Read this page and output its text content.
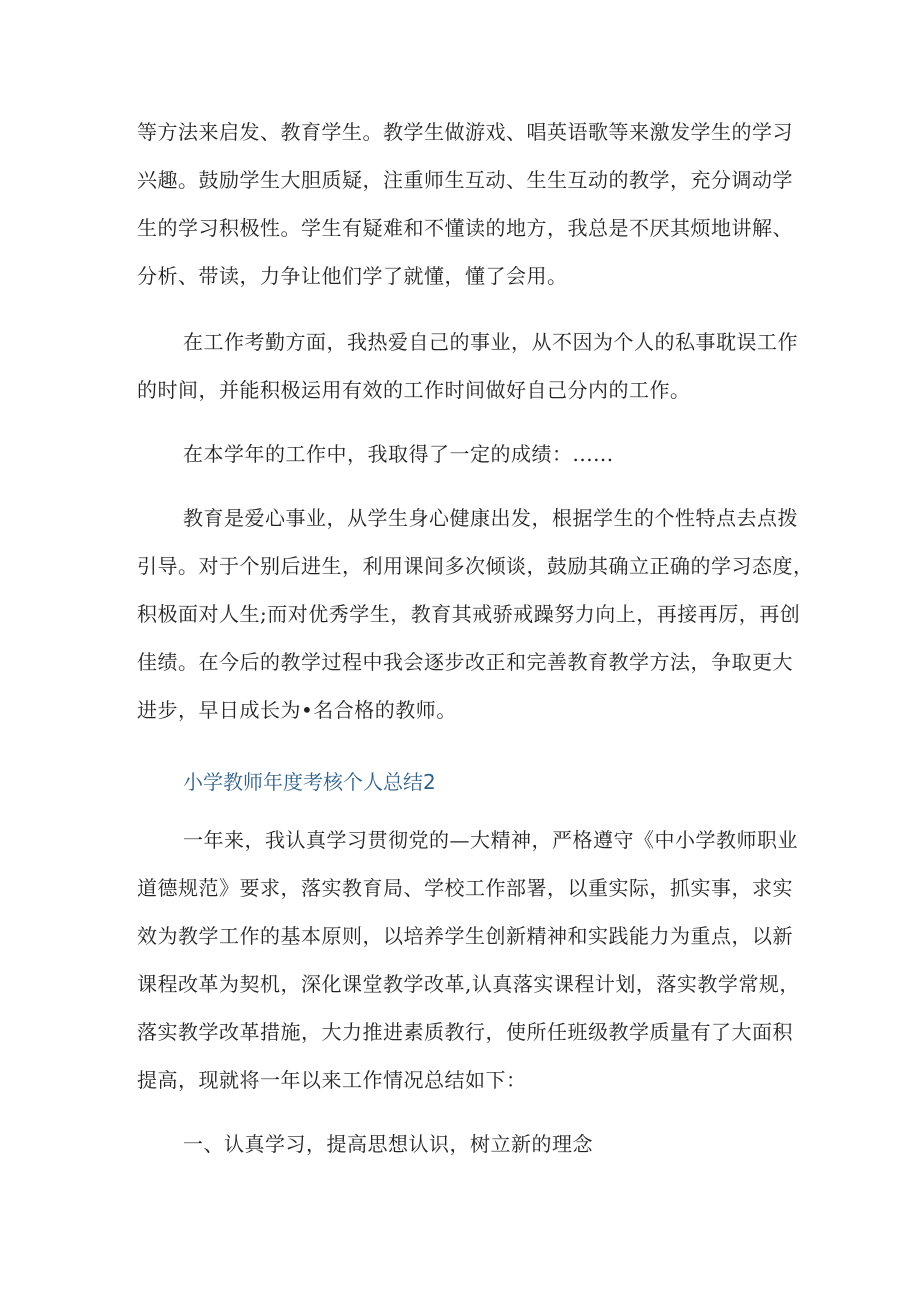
等方法来启发、教育学生。教学生做游戏、唱英语歌等来激发学生的学习
兴趣。鼓励学生大胆质疑，注重师生互动、生生互动的教学，充分调动学
生的学习积极性。学生有疑难和不懂读的地方，我总是不厌其烦地讲解、
分析、带读，力争让他们学了就懂，懂了会用。
在工作考勤方面，我热爱自己的事业，从不因为个人的私事耽误工作
的时间，并能积极运用有效的工作时间做好自己分内的工作。
在本学年的工作中，我取得了一定的成绩：......
教育是爱心事业，从学生身心健康出发，根据学生的个性特点去点拨
引导。对于个别后进生，利用课间多次倾谈，鼓励其确立正确的学习态度，
积极面对人生;而对优秀学生，教育其戒骄戒躁努力向上，再接再厉，再创
佳绩。在今后的教学过程中我会逐步改正和完善教育教学方法，争取更大
进步，早日成长为•名合格的教师。
小学教师年度考核个人总结2
一年来，我认真学习贯彻党的—大精神，严格遵守《中小学教师职业
道德规范》要求，落实教育局、学校工作部署，以重实际，抓实事，求实
效为教学工作的基本原则，以培养学生创新精神和实践能力为重点，以新
课程改革为契机，深化课堂教学改革,认真落实课程计划，落实教学常规，
落实教学改革措施，大力推进素质教行，使所任班级教学质量有了大面积
提高，现就将一年以来工作情况总结如下：
一、认真学习，提高思想认识，树立新的理念
